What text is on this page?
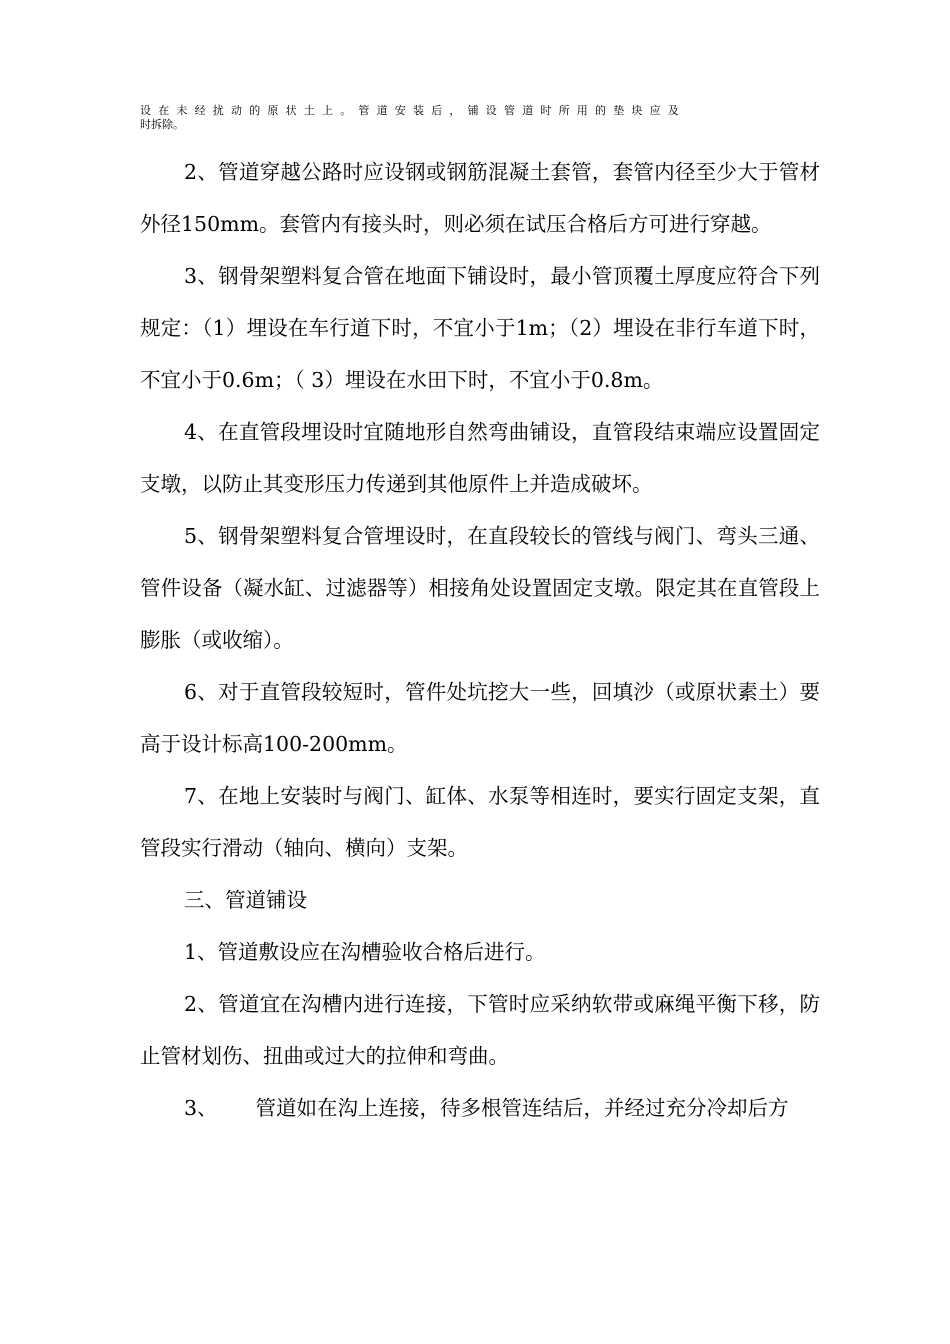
设在未经扰动的原状土上。管道安装后，铺设管道时所用的垫块应及
时拆除。

2、管道穿越公路时应设钢或钢筋混凝土套管，套管内径至少大于管材外径150mm。套管内有接头时，则必须在试压合格后方可进行穿越。

3、钢骨架塑料复合管在地面下铺设时，最小管顶覆土厚度应符合下列规定：（1）埋设在车行道下时，不宜小于1m；（2）埋设在非行车道下时，不宜小于0.6m；（ 3）埋设在水田下时，不宜小于0.8m。

4、在直管段埋设时宜随地形自然弯曲铺设，直管段结束端应设置固定支墩，以防止其变形压力传递到其他原件上并造成破坏。

5、钢骨架塑料复合管埋设时，在直段较长的管线与阀门、弯头三通、管件设备（凝水缸、过滤器等）相接角处设置固定支墩。限定其在直管段上膨胀（或收缩）。

6、对于直管段较短时，管件处坑挖大一些，回填沙（或原状素土）要高于设计标高100-200mm。

7、在地上安装时与阀门、缸体、水泵等相连时，要实行固定支架，直管段实行滑动（轴向、横向）支架。

三、管道铺设

1、管道敷设应在沟槽验收合格后进行。

2、管道宜在沟槽内进行连接，下管时应采纳软带或麻绳平衡下移，防止管材划伤、扭曲或过大的拉伸和弯曲。

3、 管道如在沟上连接，待多根管连结后，并经过充分冷却后方
